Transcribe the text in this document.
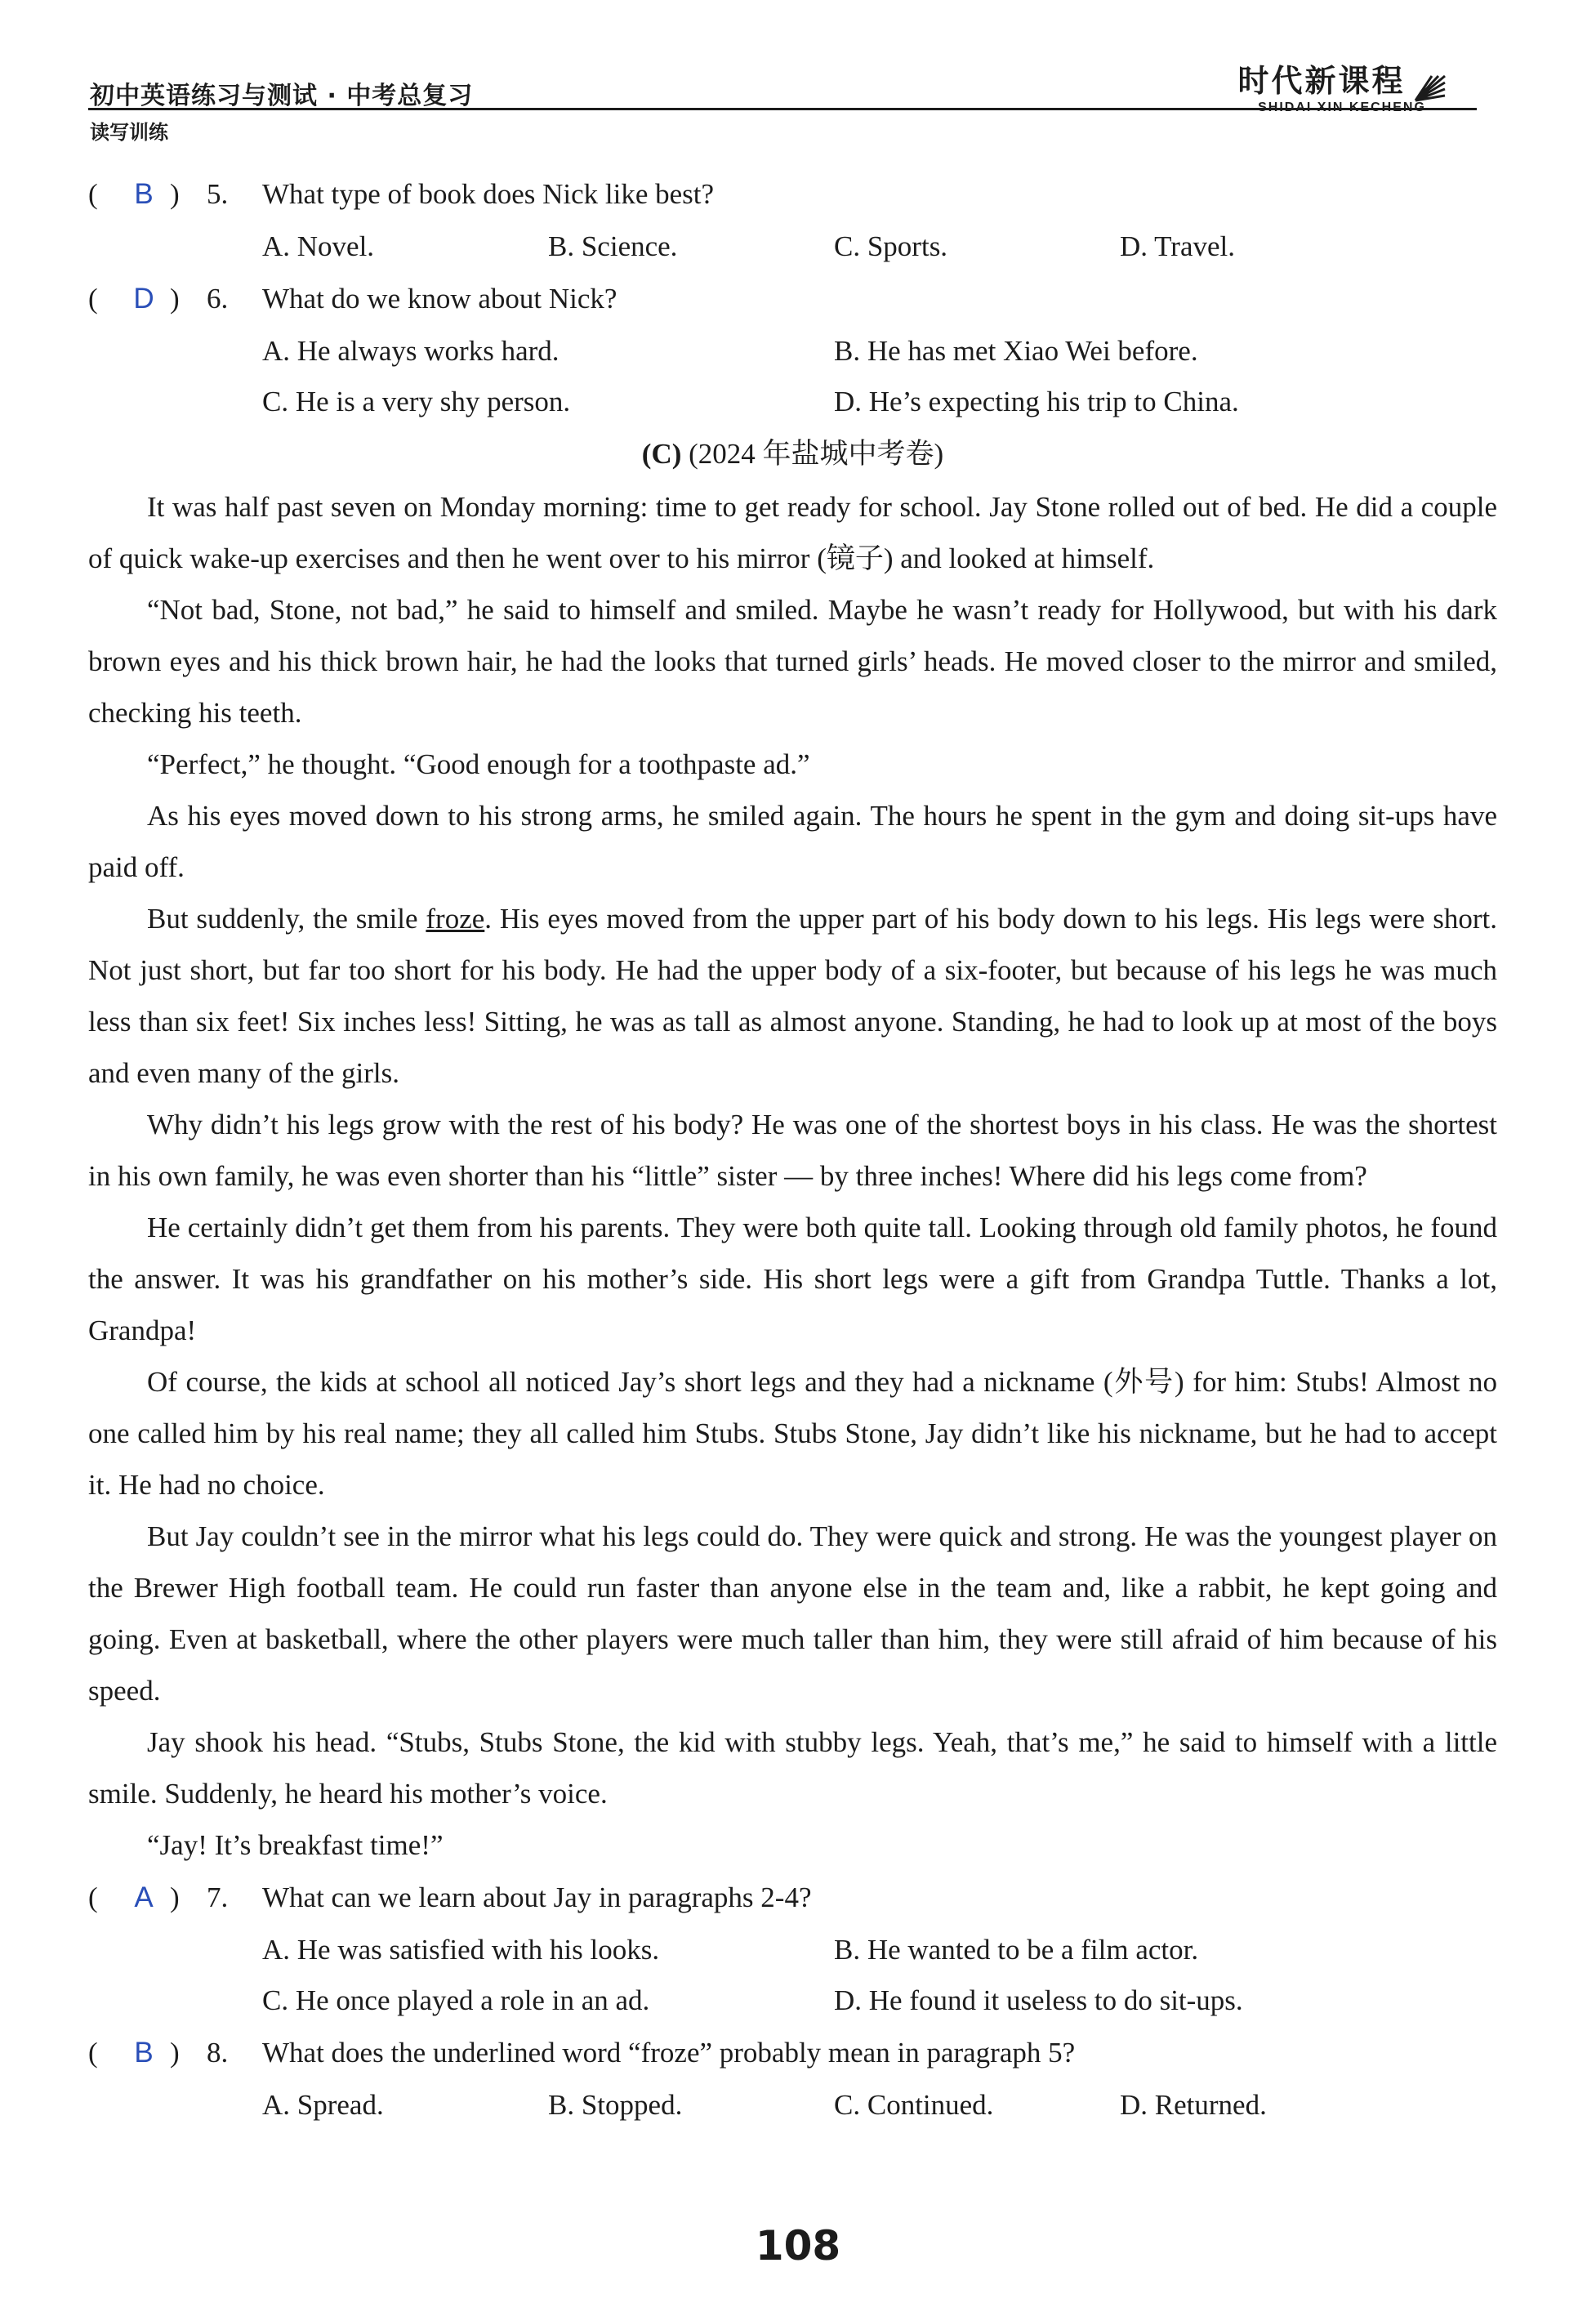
初中英语练习与测试 · 中考总复习
读写训练
时代新课程
SHIDAI XIN KECHENG
(	B ) 5. What type of book does Nick like best?
A. Novel.	B. Science.	C. Sports.	D. Travel.
(	D ) 6. What do we know about Nick?
A. He always works hard.	B. He has met Xiao Wei before.
C. He is a very shy person.	D. He’s expecting his trip to China.
(C) (2024 年盐城中考卷)

It was half past seven on Monday morning: time to get ready for school. Jay Stone rolled out of bed. He did a couple of quick wake-up exercises and then he went over to his mirror (镜子) and looked at himself.

“Not bad, Stone, not bad,” he said to himself and smiled. Maybe he wasn’t ready for Hollywood, but with his dark brown eyes and his thick brown hair, he had the looks that turned girls’ heads. He moved closer to the mirror and smiled, checking his teeth.

“Perfect,” he thought. “Good enough for a toothpaste ad.”

As his eyes moved down to his strong arms, he smiled again. The hours he spent in the gym and doing sit-ups have paid off.

But suddenly, the smile froze. His eyes moved from the upper part of his body down to his legs. His legs were short. Not just short, but far too short for his body. He had the upper body of a six-footer, but because of his legs he was much less than six feet! Six inches less! Sitting, he was as tall as almost anyone. Standing, he had to look up at most of the boys and even many of the girls.

Why didn’t his legs grow with the rest of his body? He was one of the shortest boys in his class. He was the shortest in his own family, he was even shorter than his “little” sister — by three inches! Where did his legs come from?

He certainly didn’t get them from his parents. They were both quite tall. Looking through old family photos, he found the answer. It was his grandfather on his mother’s side. His short legs were a gift from Grandpa Tuttle. Thanks a lot, Grandpa!

Of course, the kids at school all noticed Jay’s short legs and they had a nickname (外号) for him: Stubs! Almost no one called him by his real name; they all called him Stubs. Stubs Stone, Jay didn’t like his nickname, but he had to accept it. He had no choice.

But Jay couldn’t see in the mirror what his legs could do. They were quick and strong. He was the youngest player on the Brewer High football team. He could run faster than anyone else in the team and, like a rabbit, he kept going and going. Even at basketball, where the other players were much taller than him, they were still afraid of him because of his speed.

Jay shook his head. “Stubs, Stubs Stone, the kid with stubby legs. Yeah, that’s me,” he said to himself with a little smile. Suddenly, he heard his mother’s voice.

“Jay! It’s breakfast time!”

(	A ) 7. What can we learn about Jay in paragraphs 2-4?
A. He was satisfied with his looks.	B. He wanted to be a film actor.
C. He once played a role in an ad.	D. He found it useless to do sit-ups.
(	B ) 8. What does the underlined word “froze” probably mean in paragraph 5?
A. Spread.	B. Stopped.	C. Continued.	D. Returned.
108
